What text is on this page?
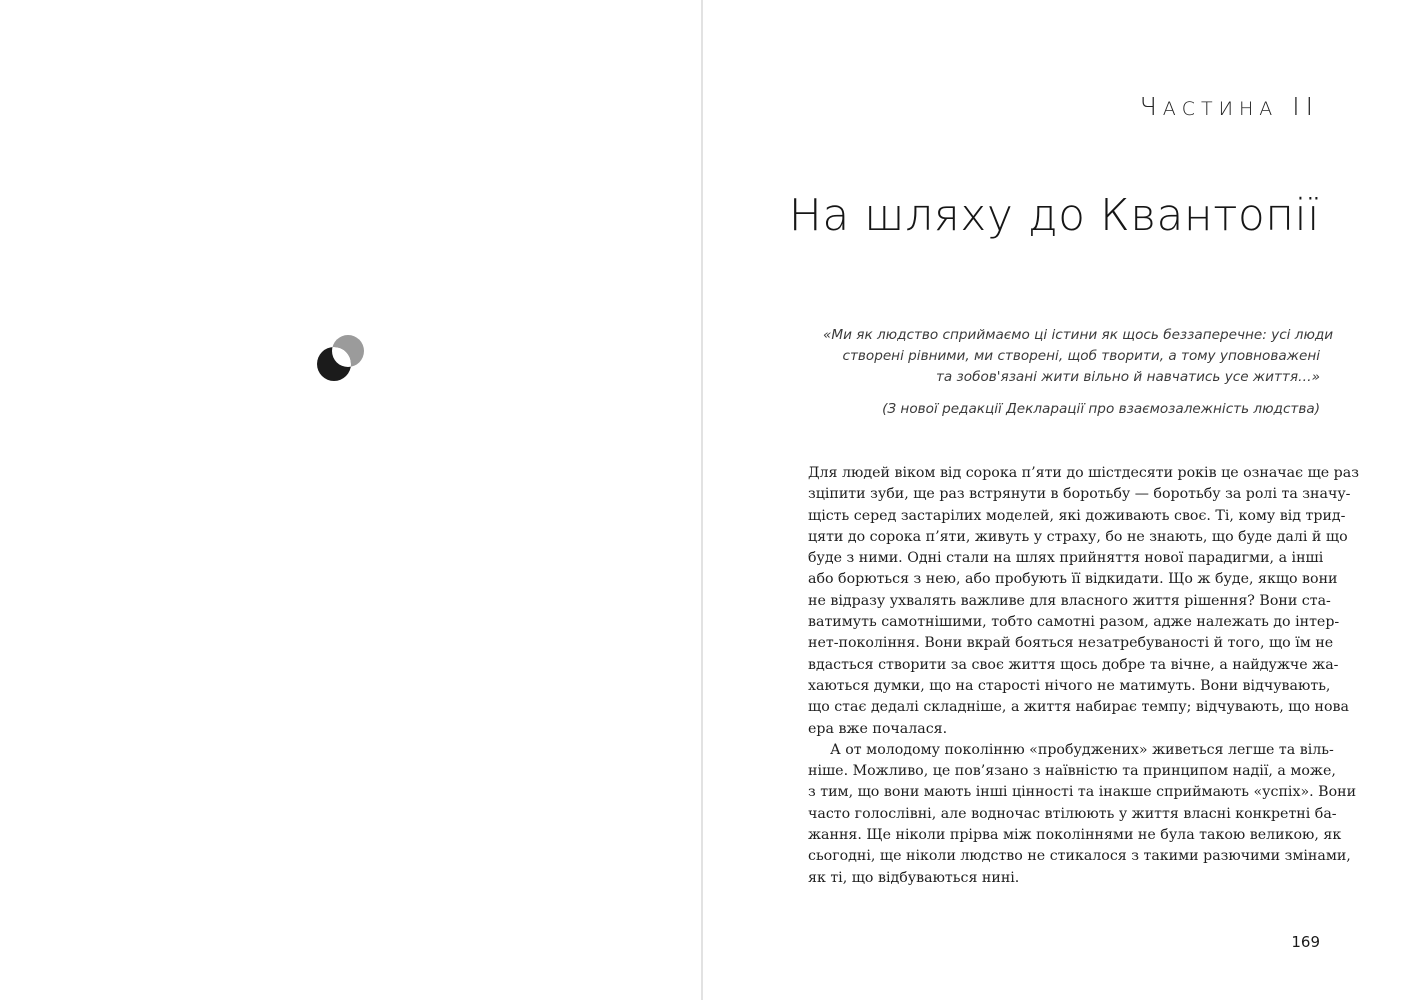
ЧАСТИНА II
На шляху до Квантопії
«Ми як людство сприймаємо ці істини як щось беззаперечне: усі люди
створені рівними, ми створені, щоб творити, а тому уповноважені
та зобов'язані жити вільно й навчатись усе життя…»
(З нової редакції Декларації про взаємозалежність людства)
Для людей віком від сорока п’яти до шістдесяти років це означає ще раз
зціпити зуби, ще раз встрянути в боротьбу — боротьбу за ролі та значу-
щість серед застарілих моделей, які доживають своє. Ті, кому від трид-
цяти до сорока п’яти, живуть у страху, бо не знають, що буде далі й що
буде з ними. Одні стали на шлях прийняття нової парадигми, а інші
або борються з нею, або пробують її відкидати. Що ж буде, якщо вони
не відразу ухвалять важливе для власного життя рішення? Вони ста-
ватимуть самотнішими, тобто самотні разом, адже належать до інтер-
нет-покоління. Вони вкрай бояться незатребуваності й того, що їм не
вдасться створити за своє життя щось добре та вічне, а найдужче жа-
хаються думки, що на старості нічого не матимуть. Вони відчувають,
що стає дедалі складніше, а життя набирає темпу; відчувають, що нова
ера вже почалася.
А от молодому поколінню «пробуджених» живеться легше та віль-
ніше. Можливо, це пов’язано з наївністю та принципом надії, а може,
з тим, що вони мають інші цінності та інакше сприймають «успіх». Вони
часто голослівні, але водночас втілюють у життя власні конкретні ба-
жання. Ще ніколи прірва між поколіннями не була такою великою, як
сьогодні, ще ніколи людство не стикалося з такими разючими змінами,
як ті, що відбуваються нині.
169
